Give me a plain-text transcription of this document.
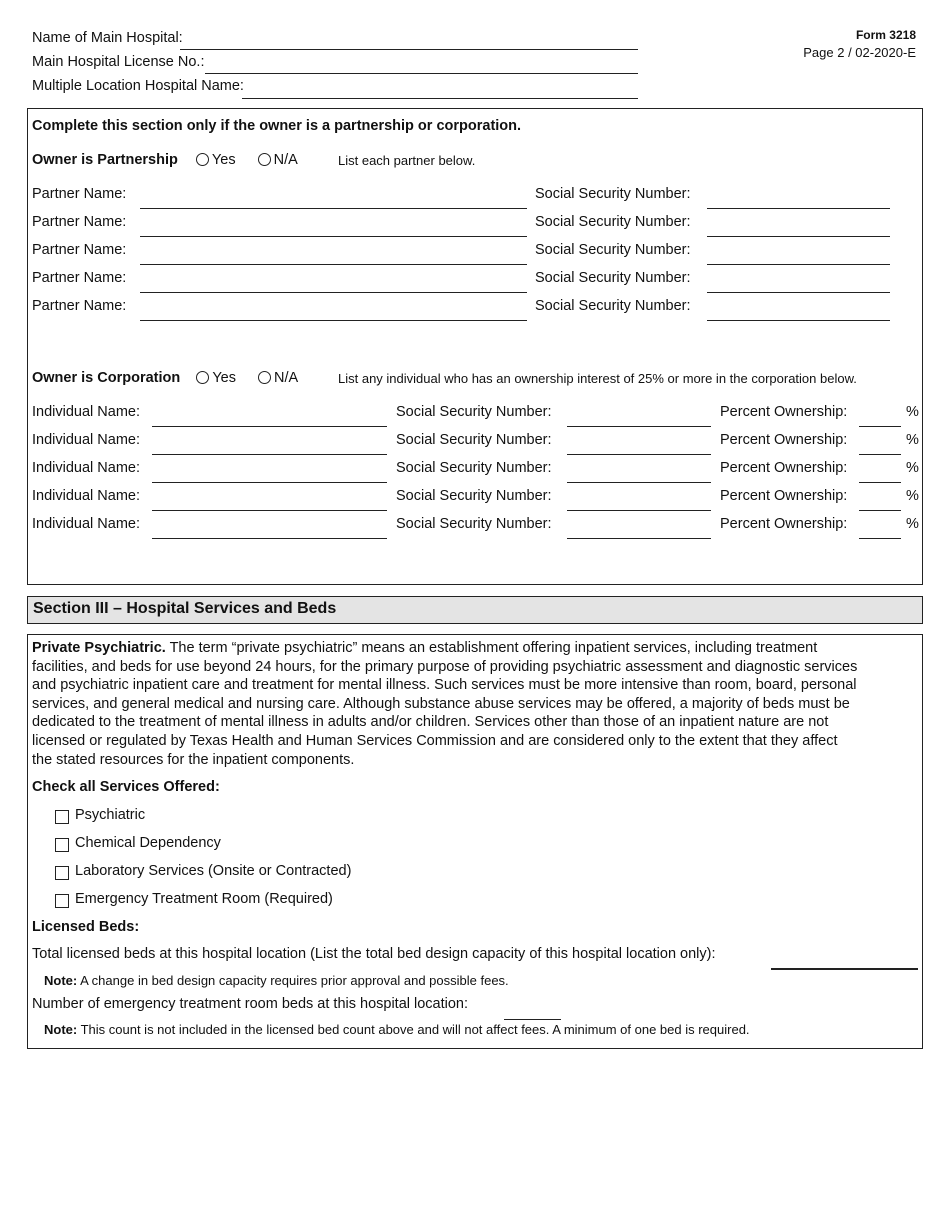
Name of Main Hospital:
Main Hospital License No.:
Multiple Location Hospital Name:
Form 3218
Page 2 / 02-2020-E
Complete this section only if the owner is a partnership or corporation.
Owner is Partnership Yes	N/A	List each partner below.
Partner Name:	Social Security Number:
Partner Name:	Social Security Number:
Partner Name:	Social Security Number:
Partner Name:	Social Security Number:
Partner Name:	Social Security Number:
Owner is Corporation Yes	N/A	List any individual who has an ownership interest of 25% or more in the corporation below.
Individual Name:	Social Security Number:	Percent Ownership:	%
Individual Name:	Social Security Number:	Percent Ownership:	%
Individual Name:	Social Security Number:	Percent Ownership:	%
Individual Name:	Social Security Number:	Percent Ownership:	%
Individual Name:	Social Security Number:	Percent Ownership:	%
Section III – Hospital Services and Beds
Private Psychiatric. The term “private psychiatric” means an establishment offering inpatient services, including treatment
facilities, and beds for use beyond 24 hours, for the primary purpose of providing psychiatric assessment and diagnostic services
and psychiatric inpatient care and treatment for mental illness. Such services must be more intensive than room, board, personal
services, and general medical and nursing care. Although substance abuse services may be offered, a majority of beds must be
dedicated to the treatment of mental illness in adults and/or children. Services other than those of an inpatient nature are not
licensed or regulated by Texas Health and Human Services Commission and are considered only to the extent that they affect
the stated resources for the inpatient components.
Check all Services Offered:
Psychiatric
Chemical Dependency
Laboratory Services (Onsite or Contracted)
Emergency Treatment Room (Required)
Licensed Beds:
Total licensed beds at this hospital location (List the total bed design capacity of this hospital location only):
Note: A change in bed design capacity requires prior approval and possible fees.
Number of emergency treatment room beds at this hospital location:
Note: This count is not included in the licensed bed count above and will not affect fees. A minimum of one bed is required.
